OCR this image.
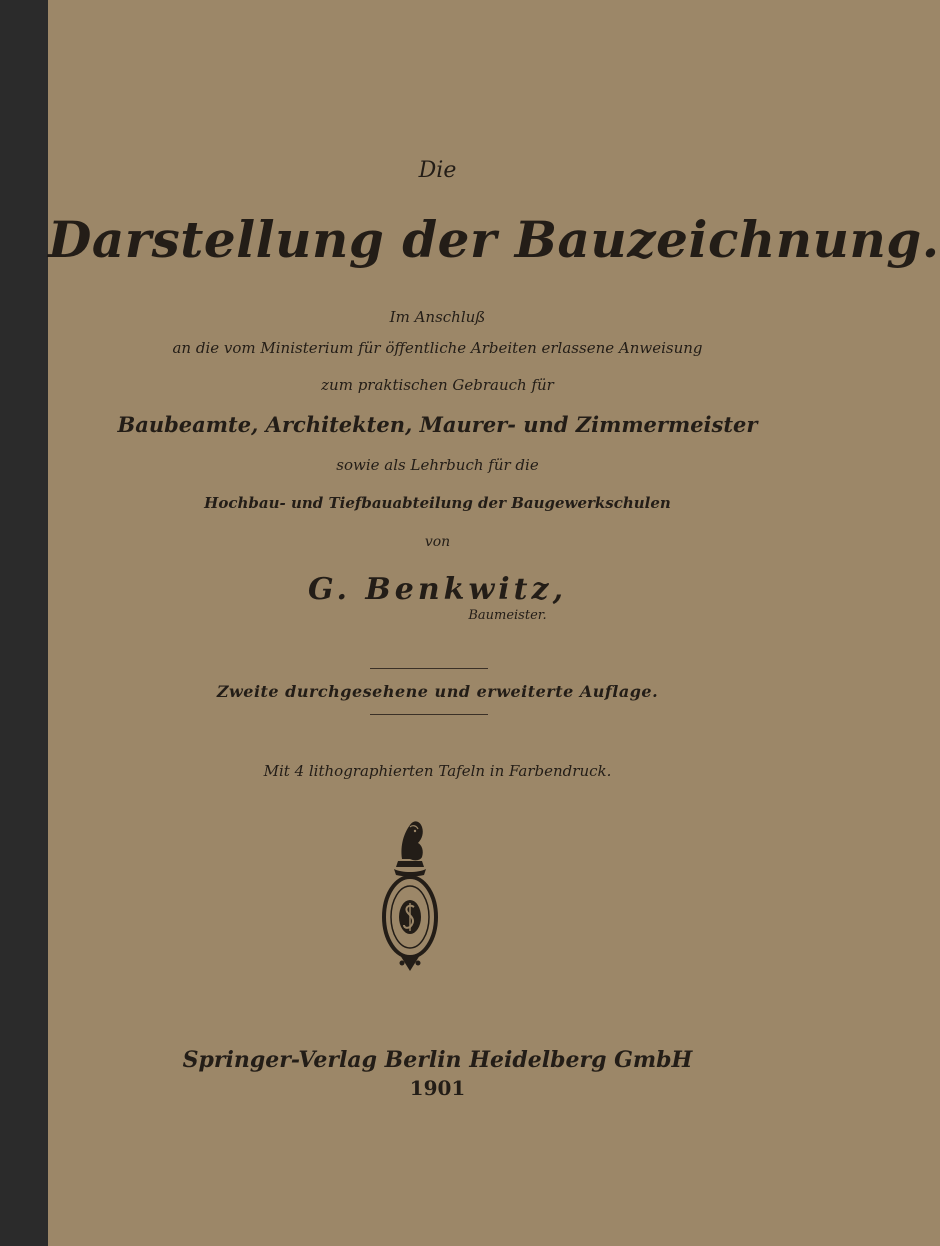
Die
Darstellung der Bauzeichnung.
Im Anschluß
an die vom Ministerium für öffentliche Arbeiten erlassene Anweisung
zum praktischen Gebrauch für
Baubeamte, Architekten, Maurer- und Zimmermeister
sowie als Lehrbuch für die
Hochbau- und Tiefbauabteilung der Baugewerkschulen
von
G. Benkwitz,
Baumeister.
Zweite durchgesehene und erweiterte Auflage.
Mit 4 lithographierten Tafeln in Farbendruck.
Springer-Verlag Berlin Heidelberg GmbH
1901
